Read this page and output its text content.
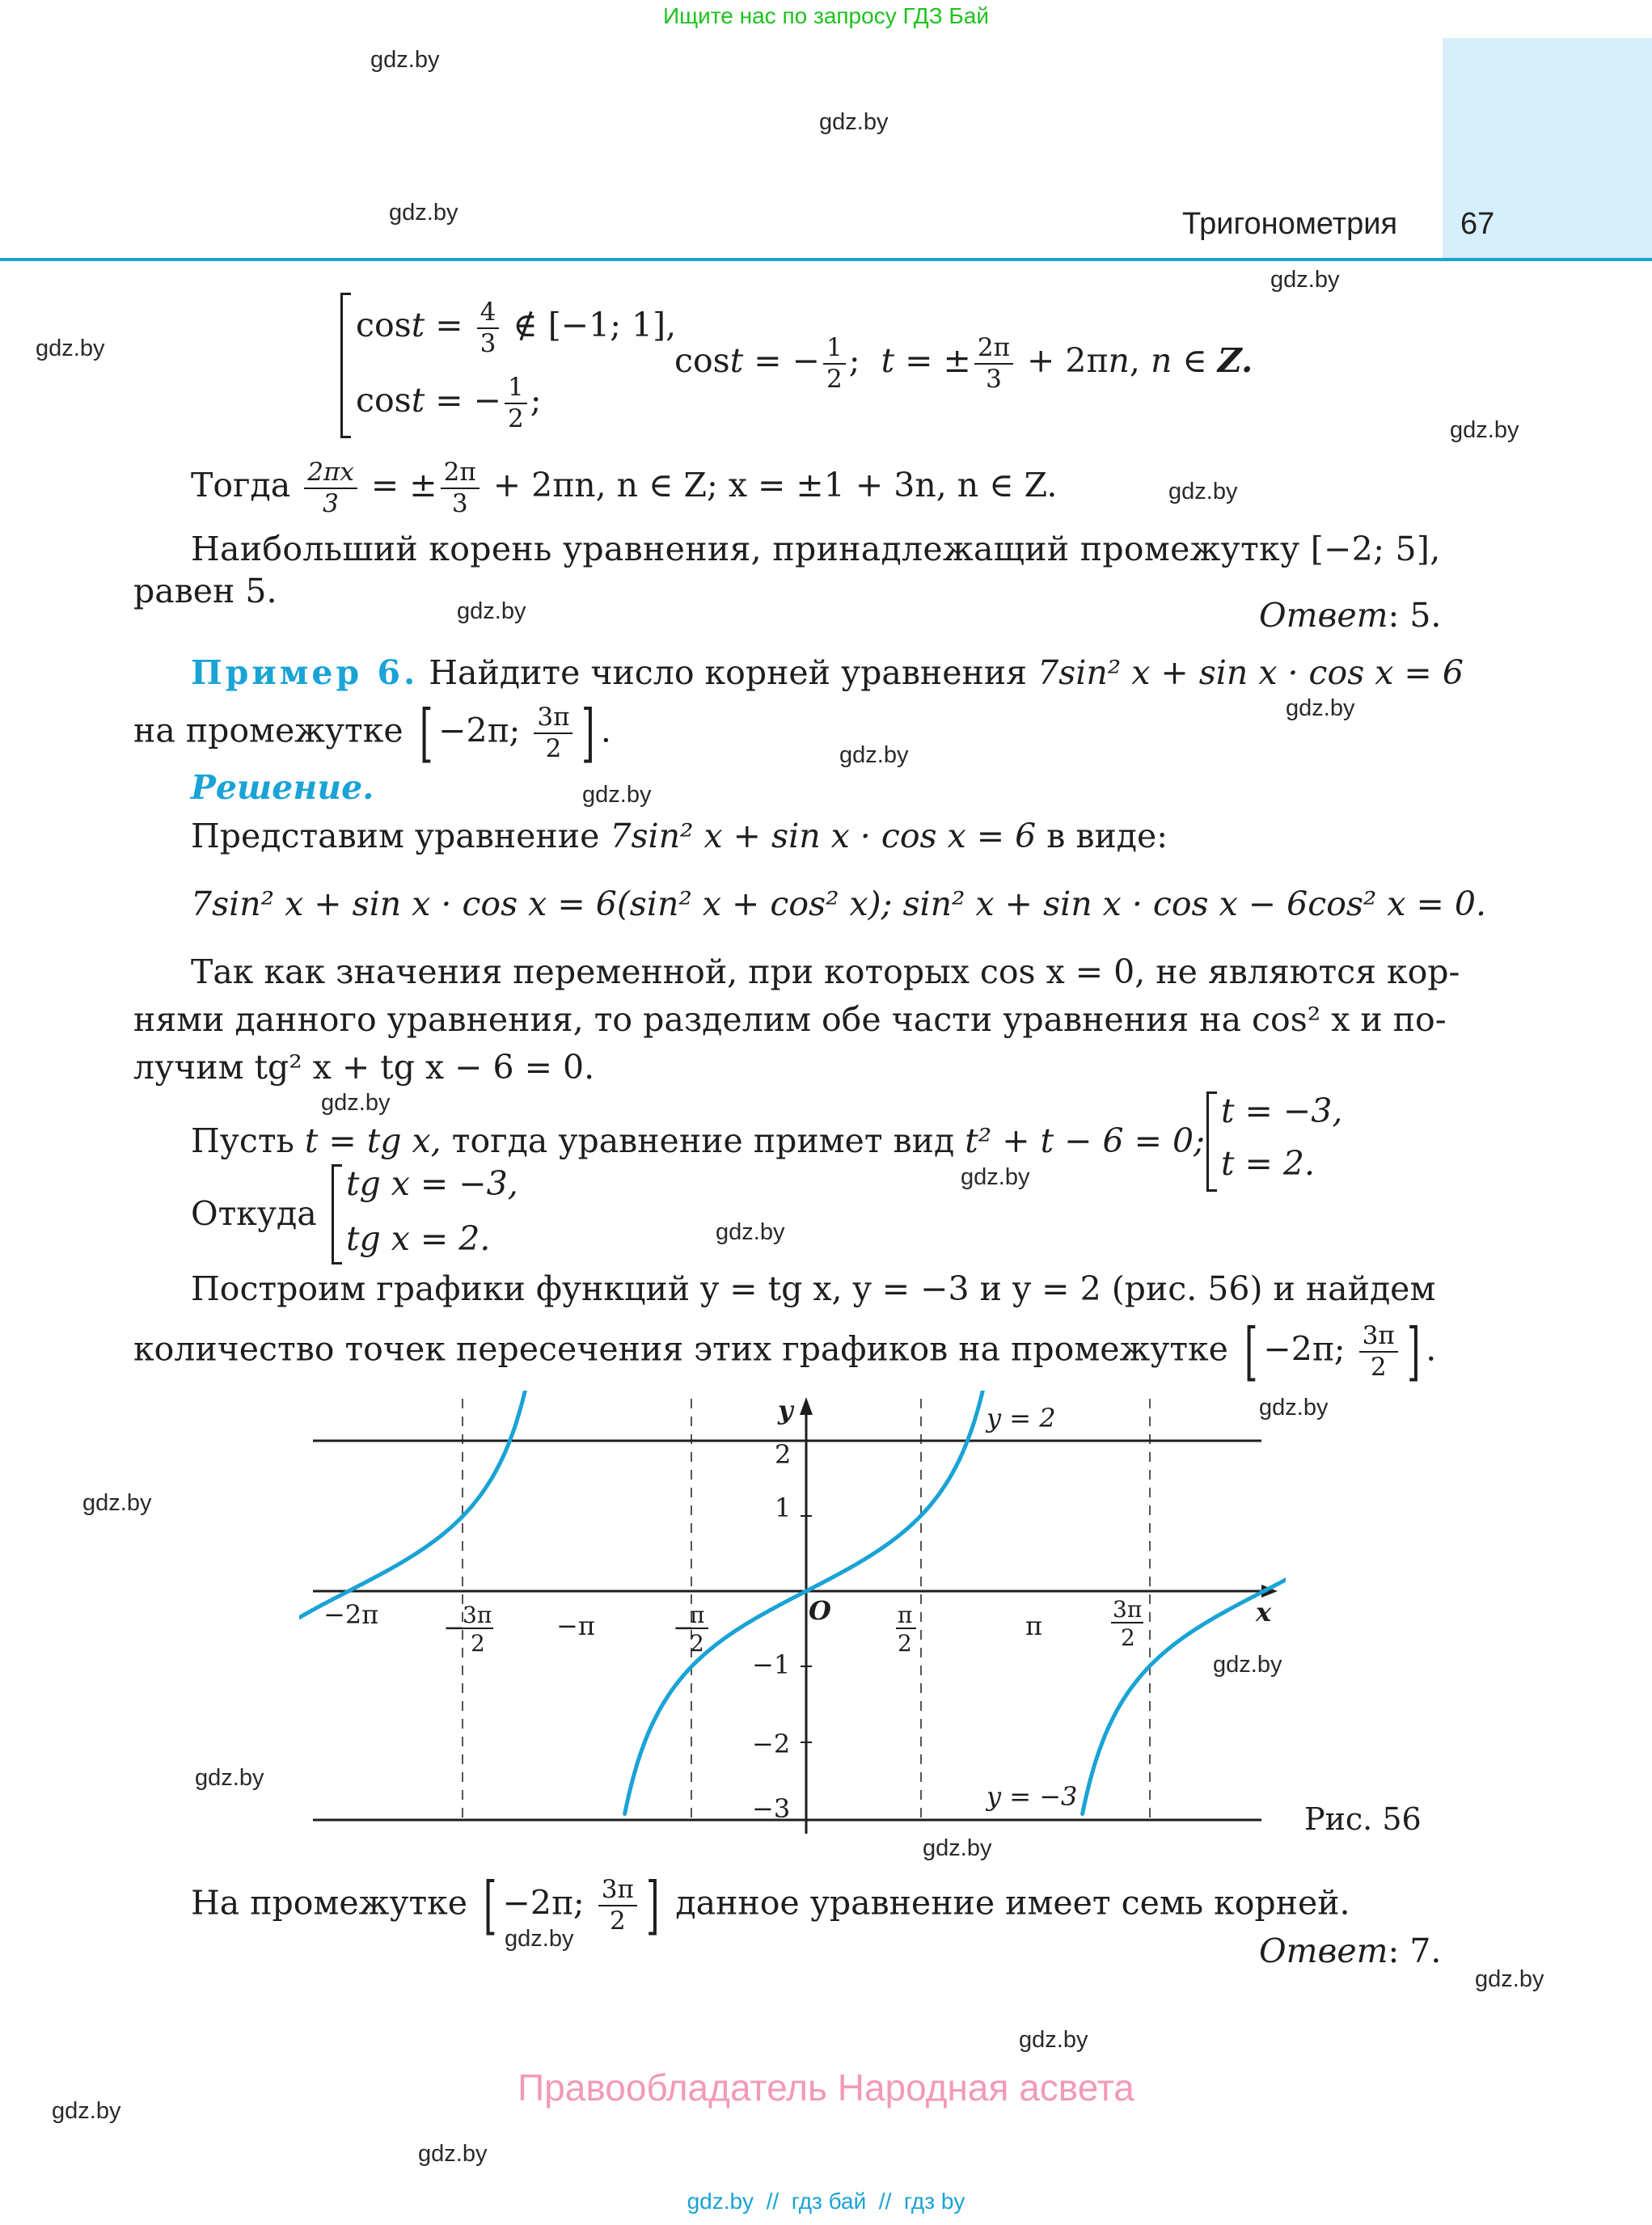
Ищите нас по запросу ГДЗ Бай
Тригонометрия 67
gdz.by
gdz.by
gdz.by
gdz.by
gdz.by
gdz.by
gdz.by
gdz.by
gdz.by
gdz.by
gdz.by
gdz.by
gdz.by
gdz.by
gdz.by
gdz.by
gdz.by
gdz.by
gdz.by
gdz.by
gdz.by
gdz.by
gdz.by
gdz.by
$\cos t = \frac{4}{3}$ ∉ [−1; 1],
cost = − $\frac{1}{2}$ ;
cost = − $\frac{1}{2}$ ; t = ± $\frac{2\pi}{3} + 2\pi n$, n ∈ Z.
Тогда $\frac{2\pi x}{3}$ = ± $\frac{2\pi}{3} + 2\pi n$, n ∈ Z; x = ±1 + 3n, n ∈ Z.
Наибольший корень уравнения, принадлежащий промежутку [−2; 5],
равен 5.
Ответ: 5.
Пример 6. Найдите число корней уравнения 7sin² x + sin x · cos x = 6
на промежутке [ −2π; $\frac{3\pi}{2}$ ] .
Решение.
Представим уравнение 7sin² x + sin x · cos x = 6 в виде:
7sin² x + sin x · cos x = 6(sin² x + cos² x); sin² x + sin x · cos x − 6cos² x = 0.
Так как значения переменной, при которых cos x = 0, не являются кор-
нями данного уравнения, то разделим обе части уравнения на cos² x и по-
лучим tg² x + tg x − 6 = 0.
Пусть t = tg x, тогда уравнение примет вид t² + t − 6 = 0;
t = −3,
t = 2.
Откуда
tg x = −3,
tg x = 2.
Построим графики функций y = tg x, y = −3 и y = 2 (рис. 56) и найдем
количество точек пересечения этих графиков на промежутке [ −2π; $\frac{3\pi}{2}$ ] .
x
y
O
y = 2
y = −3
2
1
−1
−2
−3
−2π	−π	π
−
3π
2
−
π
2
π
2
3π
2
Рис. 56
На промежутке [ −2π; $\frac{3\pi}{2}$ ] данное уравнение имеет семь корней.
Ответ: 7.
Правообладатель Народная асвета
gdz.by  //  гдз бай  //  гдз by
